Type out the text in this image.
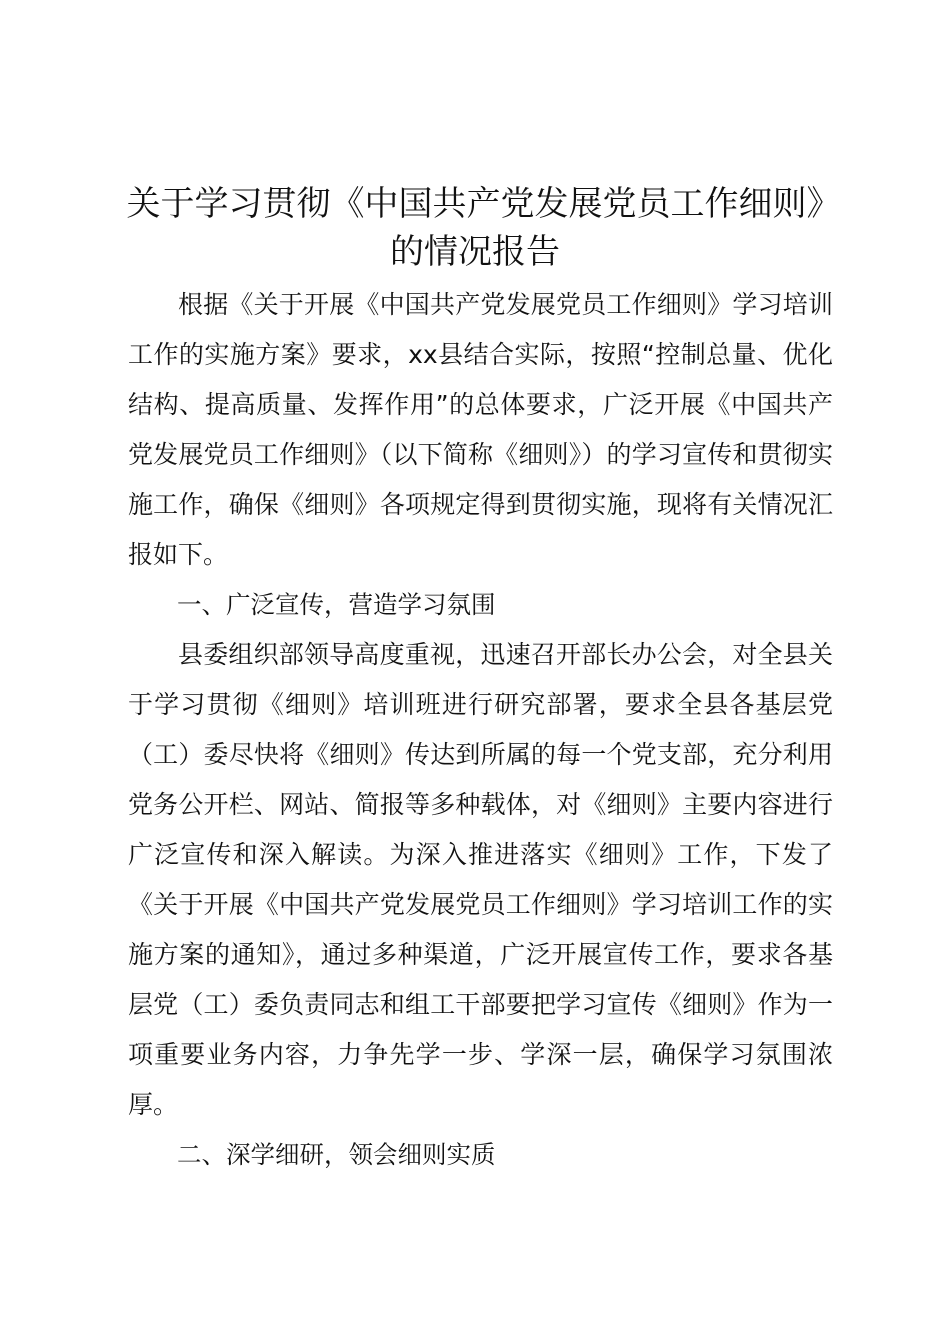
关于学习贯彻《中国共产党发展党员工作细则》的情况报告

根据《关于开展《中国共产党发展党员工作细则》学习培训工作的实施方案》要求，xx县结合实际，按照“控制总量、优化结构、提高质量、发挥作用”的总体要求，广泛开展《中国共产党发展党员工作细则》（以下简称《细则》）的学习宣传和贯彻实施工作，确保《细则》各项规定得到贯彻实施，现将有关情况汇报如下。

一、广泛宣传，营造学习氛围

县委组织部领导高度重视，迅速召开部长办公会，对全县关于学习贯彻《细则》培训班进行研究部署，要求全县各基层党（工）委尽快将《细则》传达到所属的每一个党支部，充分利用党务公开栏、网站、简报等多种载体，对《细则》主要内容进行广泛宣传和深入解读。为深入推进落实《细则》工作，下发了《关于开展《中国共产党发展党员工作细则》学习培训工作的实施方案的通知》，通过多种渠道，广泛开展宣传工作，要求各基层党（工）委负责同志和组工干部要把学习宣传《细则》作为一项重要业务内容，力争先学一步、学深一层，确保学习氛围浓厚。

二、深学细研，领会细则实质
